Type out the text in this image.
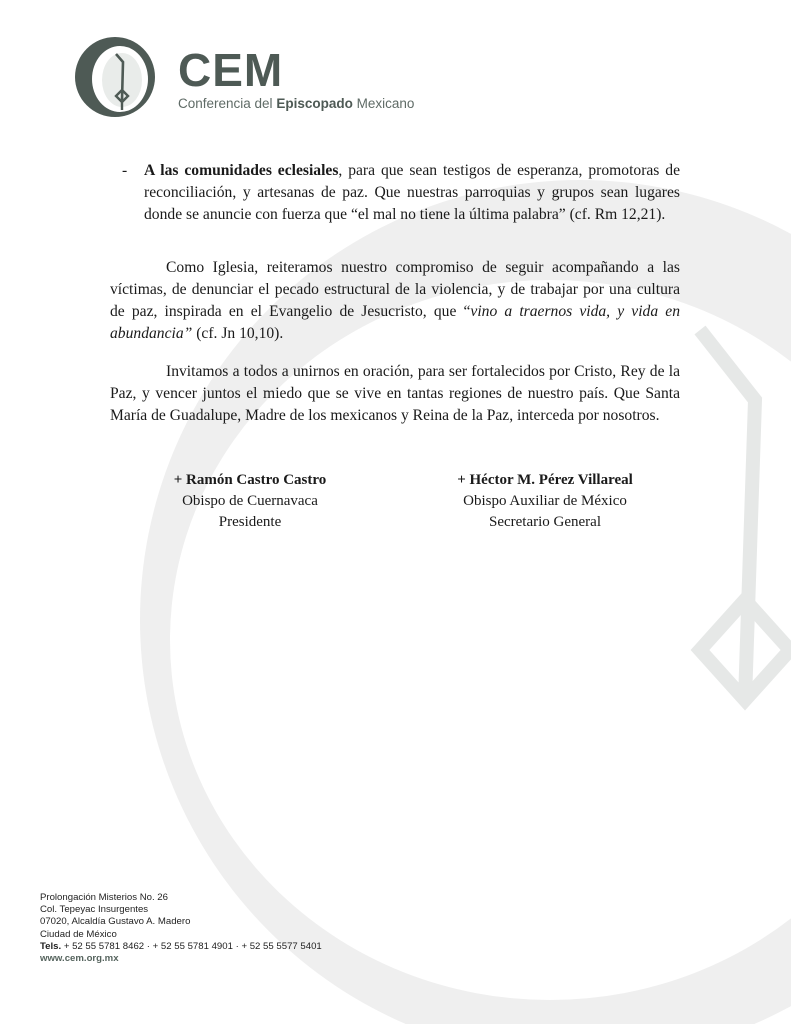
CEM
Conferencia del Episcopado Mexicano
- A las comunidades eclesiales, para que sean testigos de esperanza, promotoras de reconciliación, y artesanas de paz. Que nuestras parroquias y grupos sean lugares donde se anuncie con fuerza que “el mal no tiene la última palabra” (cf. Rm 12,21).

Como Iglesia, reiteramos nuestro compromiso de seguir acompañando a las víctimas, de denunciar el pecado estructural de la violencia, y de trabajar por una cultura de paz, inspirada en el Evangelio de Jesucristo, que “vino a traernos vida, y vida en abundancia” (cf. Jn 10,10).

Invitamos a todos a unirnos en oración, para ser fortalecidos por Cristo, Rey de la Paz, y vencer juntos el miedo que se vive en tantas regiones de nuestro país. Que Santa María de Guadalupe, Madre de los mexicanos y Reina de la Paz, interceda por nosotros.

+ Ramón Castro Castro
Obispo de Cuernavaca
Presidente
+ Héctor M. Pérez Villareal
Obispo Auxiliar de México
Secretario General
Prolongación Misterios No. 26
Col. Tepeyac Insurgentes
07020, Alcaldía Gustavo A. Madero
Ciudad de México
Tels. + 52 55 5781 8462 · + 52 55 5781 4901 · + 52 55 5577 5401
www.cem.org.mx
